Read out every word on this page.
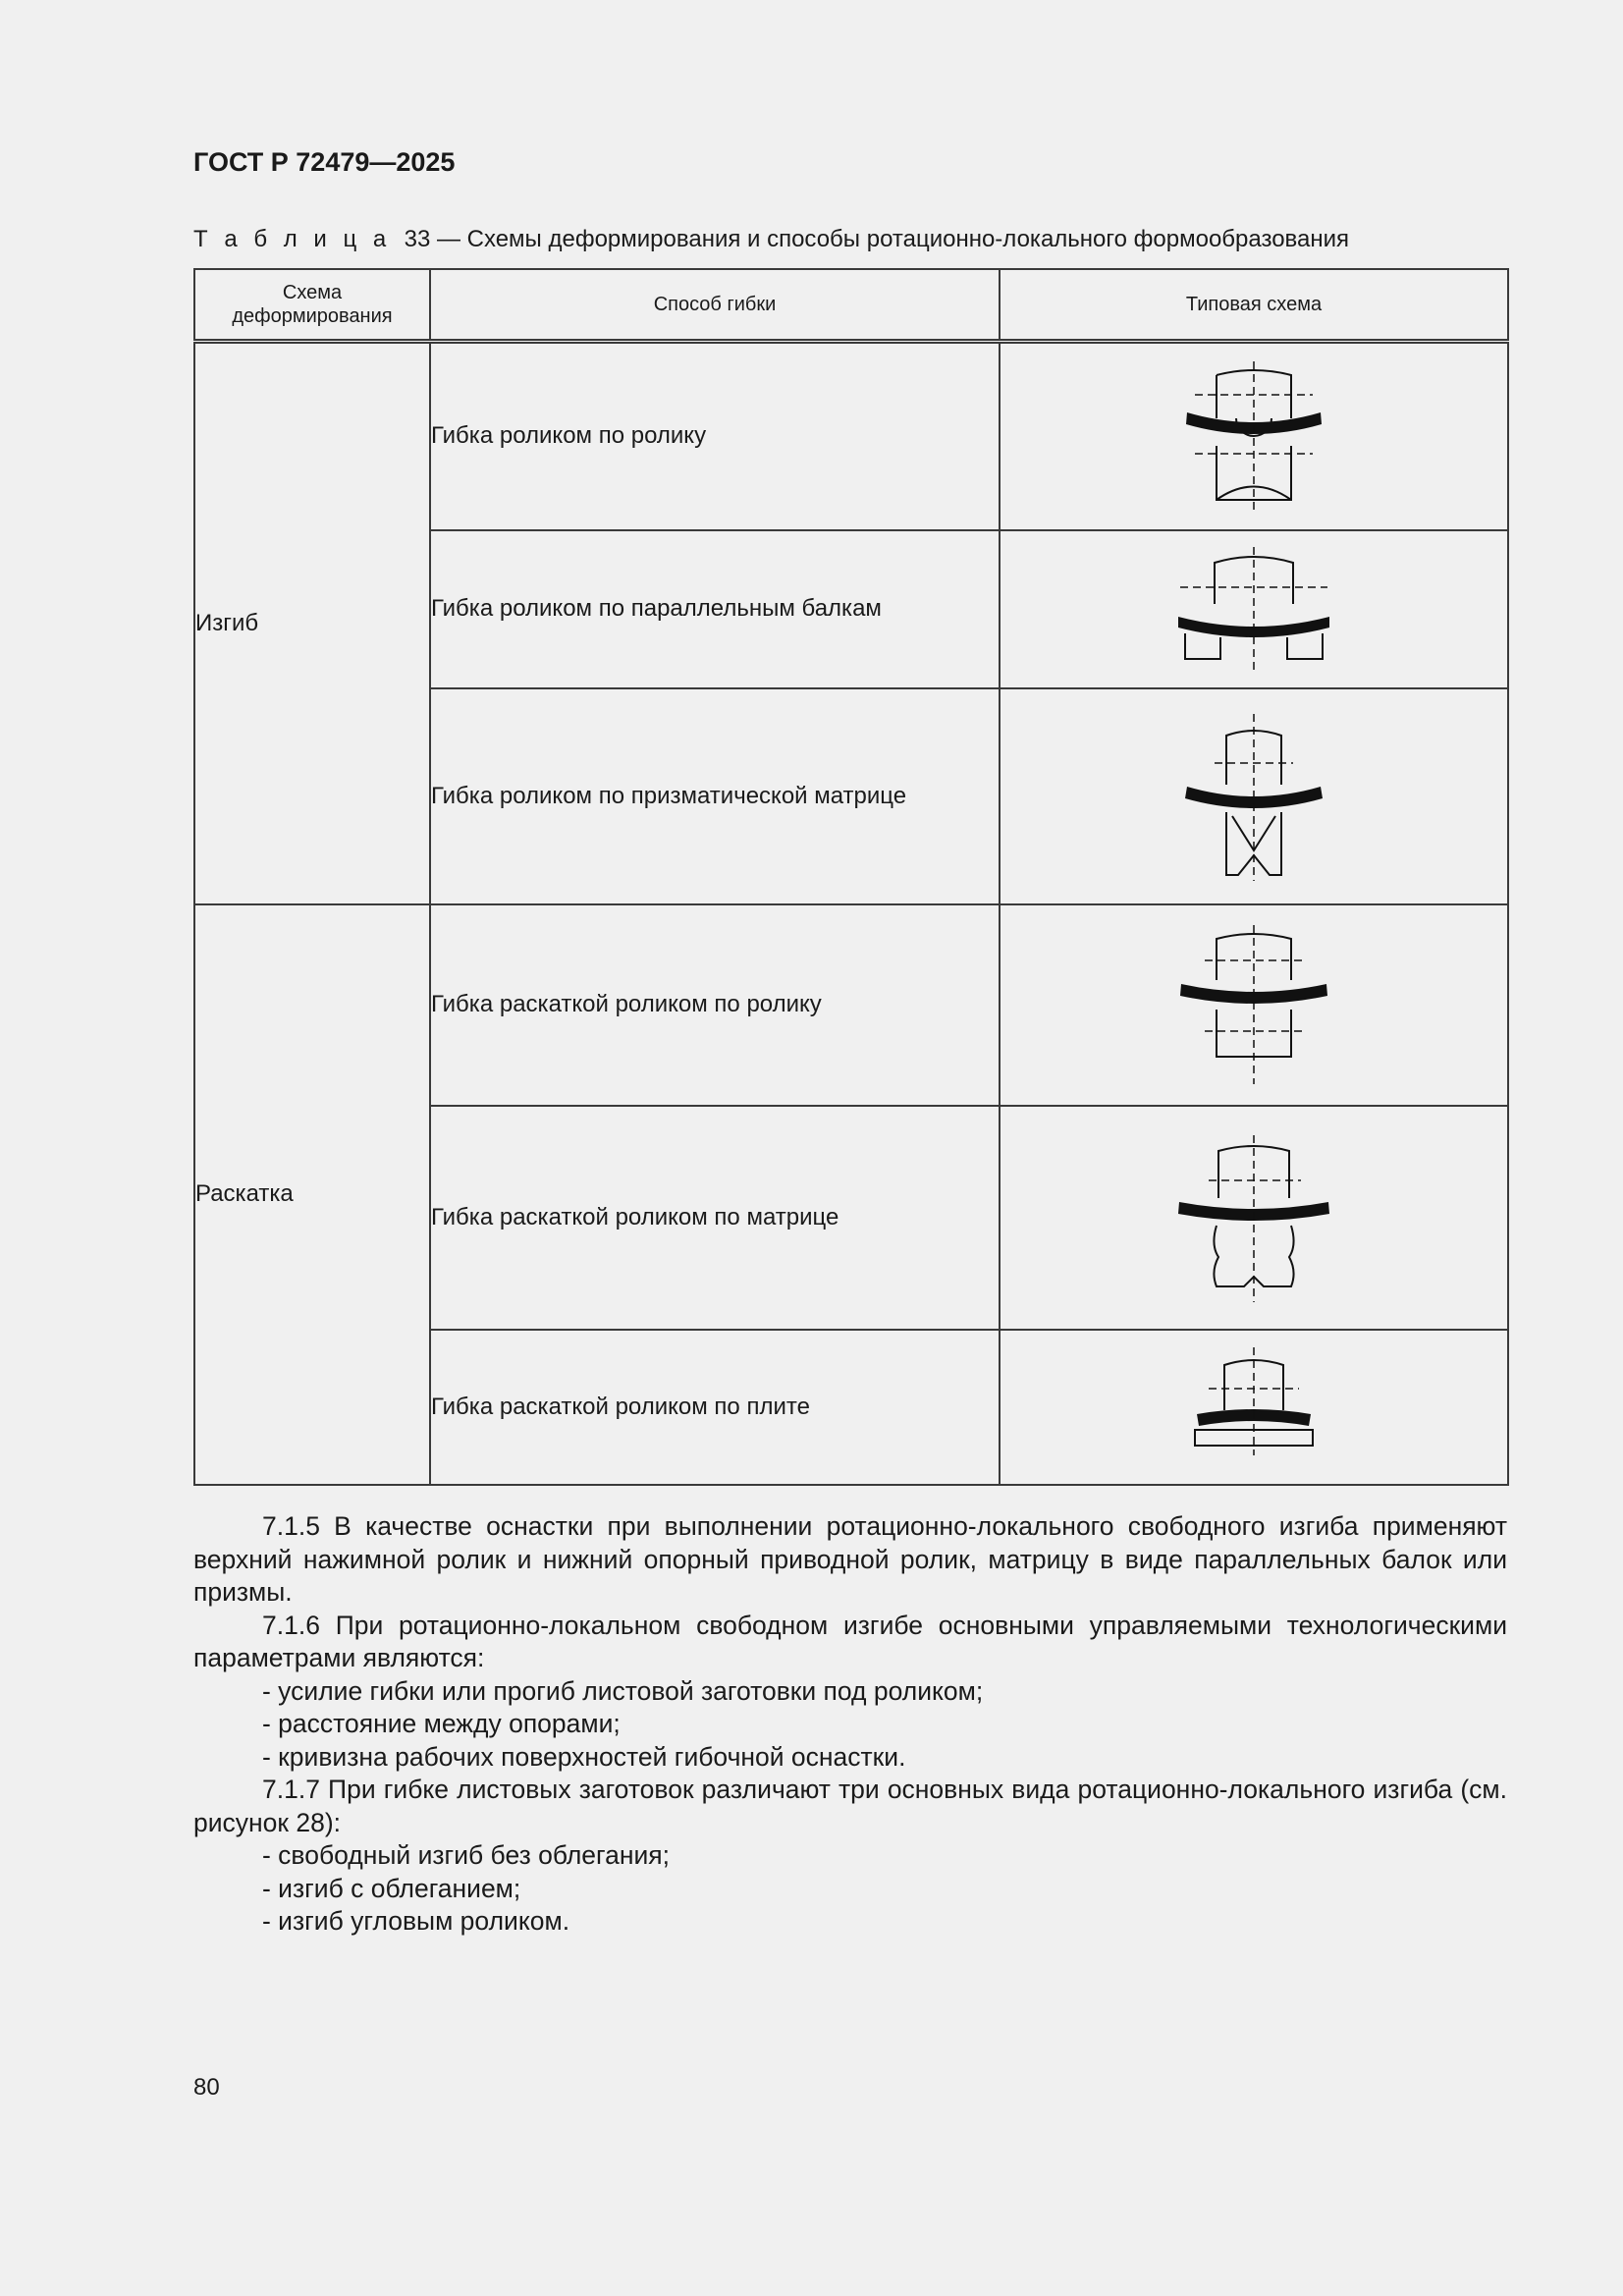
ГОСТ Р 72479—2025
Т а б л и ц а 33 — Схемы деформирования и способы ротационно-локального формообразования
Схема деформирования	Способ гибки	Типовая схема
Изгиб	Гибка роликом по ролику	

	Гибка роликом по параллельным балкам	

	Гибка роликом по призматической матрице	

Раскатка	Гибка раскаткой роликом по ролику	

	Гибка раскаткой роликом по матрице	

	Гибка раскаткой роликом по плите	

7.1.5 В качестве оснастки при выполнении ротационно-локального свободного изгиба применяют верхний нажимной ролик и нижний опорный приводной ролик, матрицу в виде параллельных балок или призмы.

7.1.6 При ротационно-локальном свободном изгибе основными управляемыми технологическими параметрами являются:

- усилие гибки или прогиб листовой заготовки под роликом;

- расстояние между опорами;

- кривизна рабочих поверхностей гибочной оснастки.

7.1.7 При гибке листовых заготовок различают три основных вида ротационно-локального изгиба (см. рисунок 28):

- свободный изгиб без облегания;

- изгиб с облеганием;

- изгиб угловым роликом.

80
